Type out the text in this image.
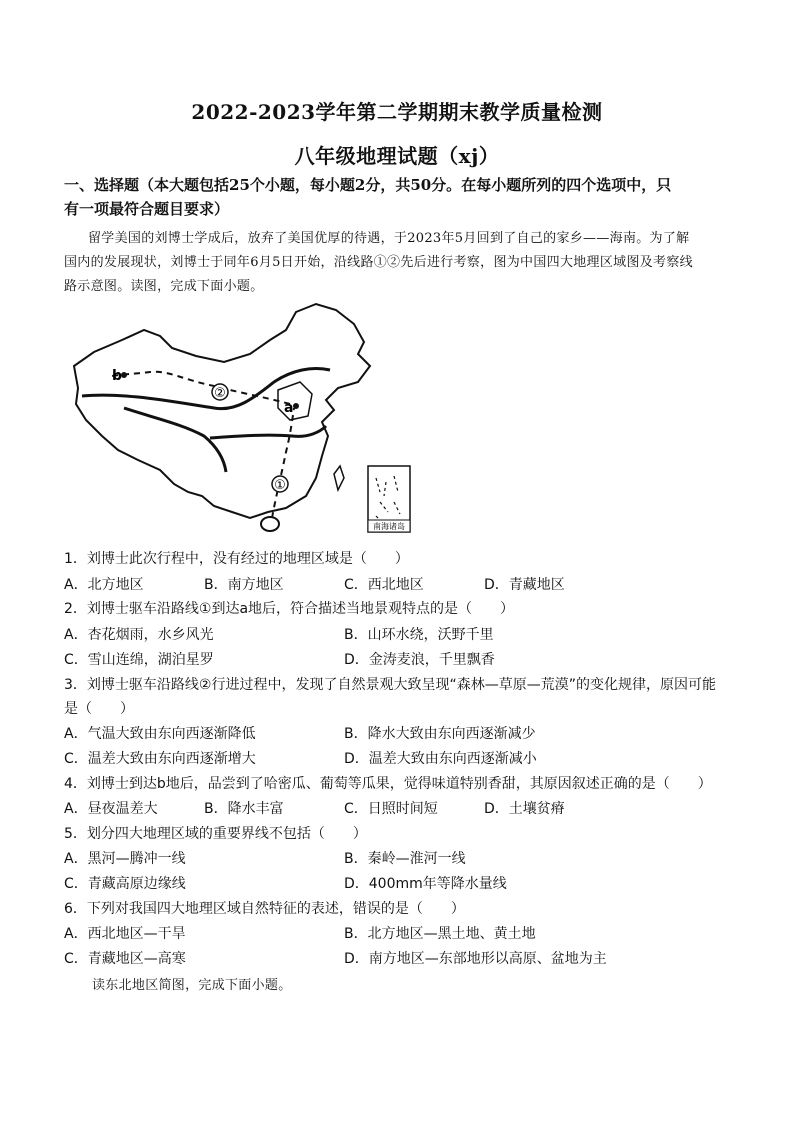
2022-2023学年第二学期期末教学质量检测
八年级地理试题（xj）
一、选择题（本大题包括25个小题，每小题2分，共50分。在每小题所列的四个选项中，只
有一项最符合题目要求）
留学美国的刘博士学成后，放弃了美国优厚的待遇，于2023年5月回到了自己的家乡——海南。为了解
国内的发展现状，刘博士于同年6月5日开始，沿线路①②先后进行考察，图为中国四大地理区域图及考察线
路示意图。读图，完成下面小题。
②
①
b
a
南海诸岛
1．刘博士此次行程中，没有经过的地理区域是（　　）
A．北方地区	B．南方地区	C．西北地区	D．青藏地区
2．刘博士驱车沿路线①到达a地后，符合描述当地景观特点的是（　　）
A．杏花烟雨，水乡风光	B．山环水绕，沃野千里
C．雪山连绵，湖泊星罗	D．金涛麦浪，千里飘香
3．刘博士驱车沿路线②行进过程中，发现了自然景观大致呈现“森林—草原—荒漠”的变化规律，原因可能
是（　　）
A．气温大致由东向西逐渐降低	B．降水大致由东向西逐渐减少
C．温差大致由东向西逐渐增大	D．温差大致由东向西逐渐减小
4．刘博士到达b地后，品尝到了哈密瓜、葡萄等瓜果，觉得味道特别香甜，其原因叙述正确的是（　　）
A．昼夜温差大	B．降水丰富	C．日照时间短	D．土壤贫瘠
5．划分四大地理区域的重要界线不包括（　　）
A．黑河—腾冲一线	B．秦岭—淮河一线
C．青藏高原边缘线	D．400mm年等降水量线
6．下列对我国四大地理区域自然特征的表述，错误的是（　　）
A．西北地区—干旱	B．北方地区—黑土地、黄土地
C．青藏地区—高寒	D．南方地区—东部地形以高原、盆地为主
读东北地区简图，完成下面小题。
